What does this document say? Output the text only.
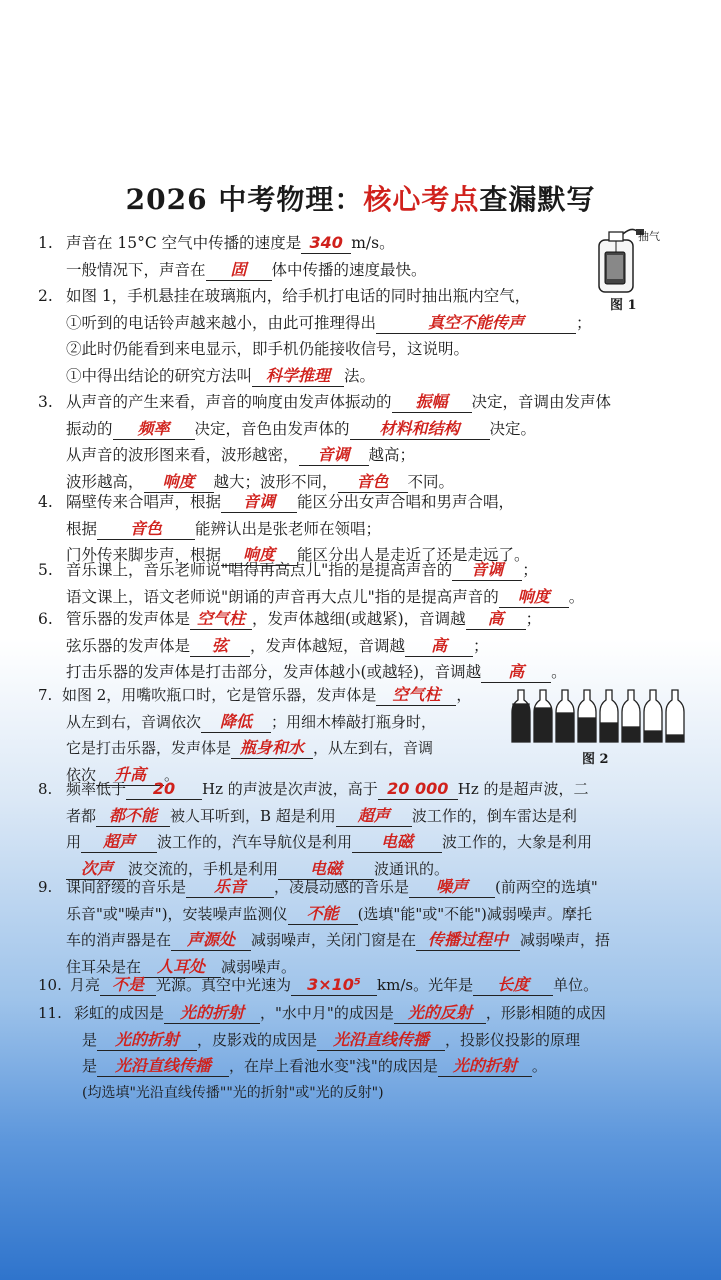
2026 中考物理：核心考点查漏默写
抽气
图 1
图 2
1. 声音在 15°C 空气中传播的速度是 340 m/s。
一般情况下，声音在 固 体中传播的速度最快。
2. 如图 1，手机悬挂在玻璃瓶内，给手机打电话的同时抽出瓶内空气，
①听到的电话铃声越来越小，由此可推理得出	真空不能传声	；
②此时仍能看到来电显示，即手机仍能接收信号，这说明。
①中得出结论的研究方法叫 科学推理 法。
3. 从声音的产生来看，声音的响度由发声体振动的 振幅 决定，音调由发声体
振动的 频率 决定，音色由发声体的 材料和结构 决定。
从声音的波形图来看，波形越密， 音调 越高；
波形越高， 响度 越大；波形不同， 音色 不同。
4. 隔壁传来合唱声，根据 音调 能区分出女声合唱和男声合唱，
根据 音色 能辨认出是张老师在领唱；
门外传来脚步声，根据 响度 能区分出人是走近了还是走远了。
5. 音乐课上，音乐老师说"唱得再高点儿"指的是提高声音的 音调 ；
语文课上，语文老师说"朗诵的声音再大点儿"指的是提高声音的 响度 。
6. 管乐器的发声体是 空气柱 ，发声体越细(或越紧)，音调越 高 ；
弦乐器的发声体是 弦 ，发声体越短，音调越 高 ；
打击乐器的发声体是打击部分，发声体越小(或越轻)，音调越 高 。
7. 如图 2，用嘴吹瓶口时，它是管乐器，发声体是 空气柱 ，
从左到右，音调依次 降低 ；用细木棒敲打瓶身时，
它是打击乐器，发声体是 瓶身和水 ，从左到右，音调
依次 升高 。
8. 频率低于 20 Hz 的声波是次声波，高于 20 000 Hz 的是超声波，二
者都 都不能 被人耳听到，B 超是利用 超声 波工作的，倒车雷达是利
用 超声 波工作的，汽车导航仪是利用 电磁 波工作的，大象是利用
次声 波交流的，手机是利用 电磁 波通讯的。
9. 课间舒缓的音乐是 乐音 ，凌晨动感的音乐是 噪声 (前两空的选填"
乐音"或"噪声")，安装噪声监测仪 不能 (选填"能"或"不能")减弱噪声。摩托
车的消声器是在 声源处 减弱噪声，关闭门窗是在 传播过程中 减弱噪声，捂
住耳朵是在 人耳处 减弱噪声。
10. 月亮 不是 光源。真空中光速为 3×10⁵ km/s。光年是 长度 单位。
11. 彩虹的成因是 光的折射 ，"水中月"的成因是 光的反射 ，形影相随的成因
是 光的折射 ，皮影戏的成因是 光沿直线传播 ，投影仪投影的原理
是 光沿直线传播 ，在岸上看池水变"浅"的成因是 光的折射 。
(均选填"光沿直线传播""光的折射"或"光的反射")
